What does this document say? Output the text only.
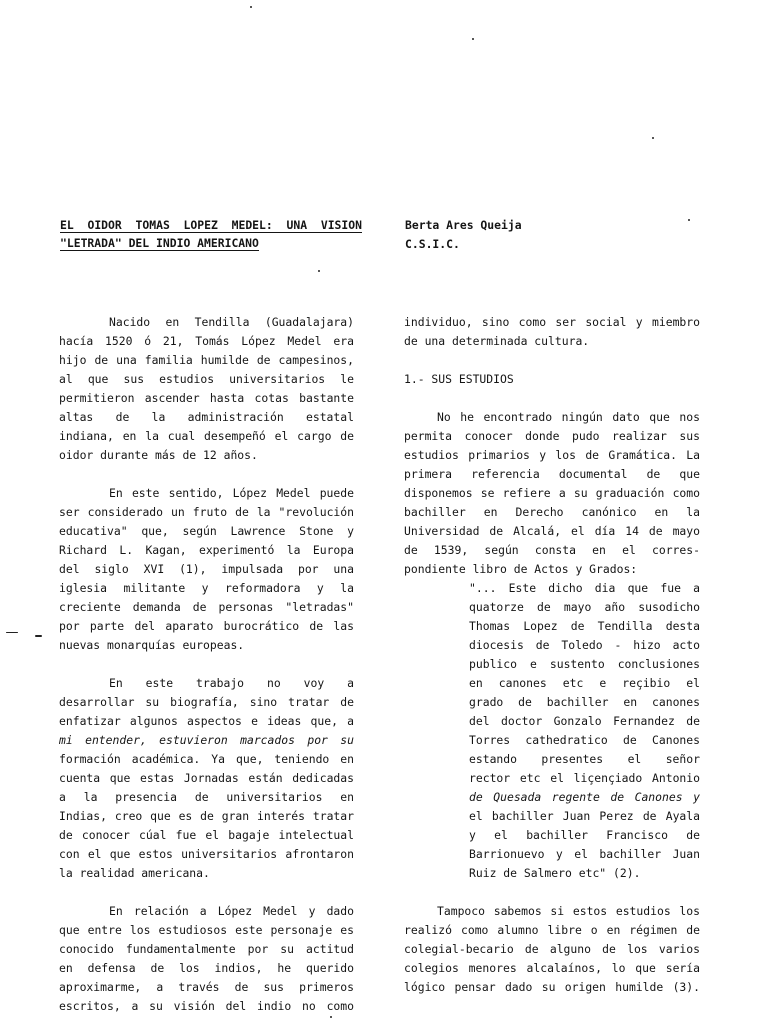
EL OIDOR TOMAS LOPEZ MEDEL: UNA VISION
"LETRADA" DEL INDIO AMERICANO
Berta Ares Queija
C.S.I.C.
Nacido en Tendilla (Guadalajara)
hacía 1520 ó 21, Tomás López Medel era
hijo de una familia humilde de campesinos,
al que sus estudios universitarios le
permitieron ascender hasta cotas bastante
altas de la administración estatal
indiana, en la cual desempeñó el cargo de
oidor durante más de 12 años.
En este sentido, López Medel puede
ser considerado un fruto de la "revolución
educativa" que, según Lawrence Stone y
Richard L. Kagan, experimentó la Europa
del siglo XVI (1), impulsada por una
iglesia militante y reformadora y la
creciente demanda de personas "letradas"
por parte del aparato burocrático de las
nuevas monarquías europeas.
En este trabajo no voy a
desarrollar su biografía, sino tratar de
enfatizar algunos aspectos e ideas que, a
mi entender, estuvieron marcados por su
formación académica. Ya que, teniendo en
cuenta que estas Jornadas están dedicadas
a la presencia de universitarios en
Indias, creo que es de gran interés tratar
de conocer cúal fue el bagaje intelectual
con el que estos universitarios afrontaron
la realidad americana.
En relación a López Medel y dado
que entre los estudiosos este personaje es
conocido fundamentalmente por su actitud
en defensa de los indios, he querido
aproximarme, a través de sus primeros
escritos, a su visión del indio no como
individuo, sino como ser social y miembro
de una determinada cultura.
1.- SUS ESTUDIOS
No he encontrado ningún dato que nos
permita conocer donde pudo realizar sus
estudios primarios y los de Gramática. La
primera referencia documental de que
disponemos se refiere a su graduación como
bachiller en Derecho canónico en la
Universidad de Alcalá, el día 14 de mayo
de 1539, según consta en el corres-
pondiente libro de Actos y Grados:
"... Este dicho dia que fue a
quatorze de mayo año susodicho
Thomas Lopez de Tendilla desta
diocesis de Toledo - hizo acto
publico e sustento conclusiones
en canones etc e reçibio el
grado de bachiller en canones
del doctor Gonzalo Fernandez de
Torres cathedratico de Canones
estando presentes el señor
rector etc el liçençiado Antonio
de Quesada regente de Canones y
el bachiller Juan Perez de Ayala
y el bachiller Francisco de
Barrionuevo y el bachiller Juan
Ruiz de Salmero etc" (2).
Tampoco sabemos si estos estudios los
realizó como alumno libre o en régimen de
colegial-becario de alguno de los varios
colegios menores alcalaínos, lo que sería
lógico pensar dado su origen humilde (3).
